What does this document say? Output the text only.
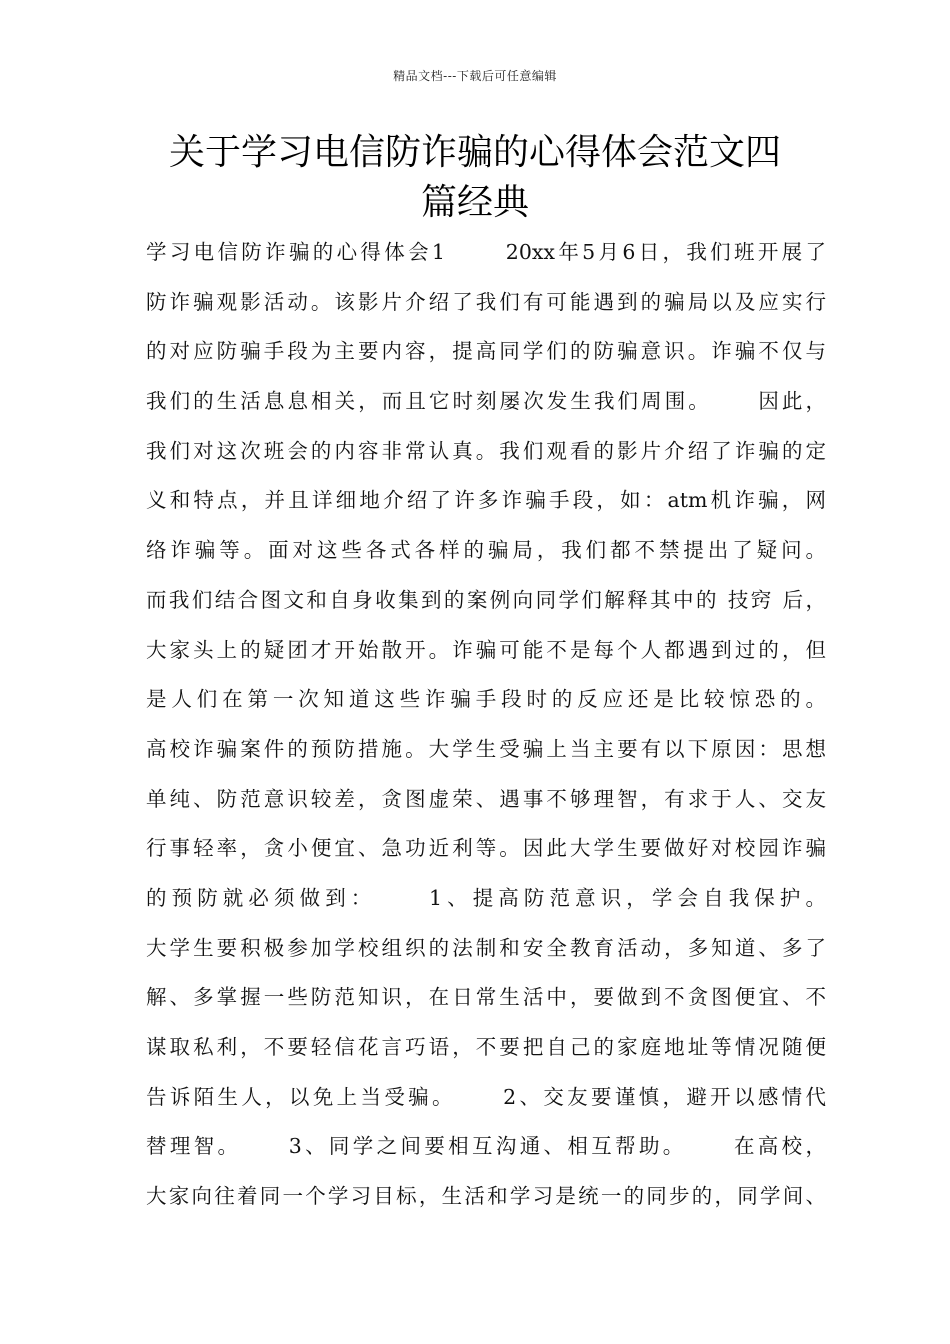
精品文档---下载后可任意编辑
关于学习电信防诈骗的心得体会范文四
篇经典
学习电信防诈骗的心得体会1　　 20xx年5月6日，我们班开展了
防诈骗观影活动。该影片介绍了我们有可能遇到的骗局以及应实行
的对应防骗手段为主要内容，提高同学们的防骗意识。诈骗不仅与
我们的生活息息相关，而且它时刻屡次发生我们周围。　　 因此，
我们对这次班会的内容非常认真。我们观看的影片介绍了诈骗的定
义和特点，并且详细地介绍了许多诈骗手段，如：atm机诈骗，网
络诈骗等。面对这些各式各样的骗局，我们都不禁提出了疑问。
而我们结合图文和自身收集到的案例向同学们解释其中的 技窍 后，
大家头上的疑团才开始散开。诈骗可能不是每个人都遇到过的，但
是人们在第一次知道这些诈骗手段时的反应还是比较惊恐的。
高校诈骗案件的预防措施。大学生受骗上当主要有以下原因：思想
单纯、防范意识较差，贪图虚荣、遇事不够理智，有求于人、交友
行事轻率，贪小便宜、急功近利等。因此大学生要做好对校园诈骗
的预防就必须做到：　　 1、提高防范意识，学会自我保护。
大学生要积极参加学校组织的法制和安全教育活动，多知道、多了
解、多掌握一些防范知识，在日常生活中，要做到不贪图便宜、不
谋取私利，不要轻信花言巧语，不要把自己的家庭地址等情况随便
告诉陌生人，以免上当受骗。　　 2、交友要谨慎，避开以感情代
替理智。　　 3、同学之间要相互沟通、相互帮助。　　 在高校，
大家向往着同一个学习目标，生活和学习是统一的同步的，同学间、
